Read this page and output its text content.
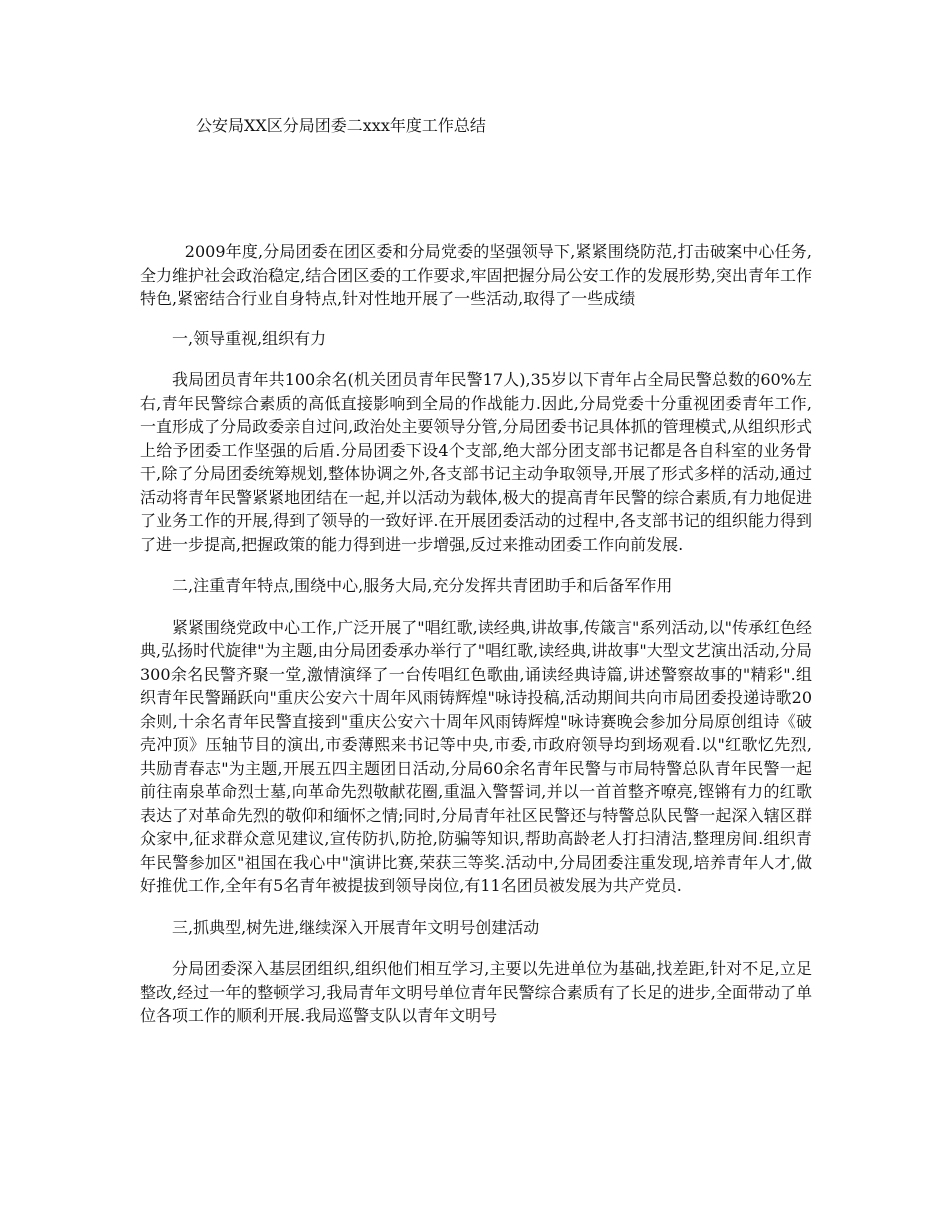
公安局XX区分局团委二xxx年度工作总结

2009年度,分局团委在团区委和分局党委的坚强领导下,紧紧围绕防范,打击破案中心任务,全力维护社会政治稳定,结合团区委的工作要求,牢固把握分局公安工作的发展形势,突出青年工作特色,紧密结合行业自身特点,针对性地开展了一些活动,取得了一些成绩

一,领导重视,组织有力

我局团员青年共100余名(机关团员青年民警17人),35岁以下青年占全局民警总数的60%左右,青年民警综合素质的高低直接影响到全局的作战能力.因此,分局党委十分重视团委青年工作,一直形成了分局政委亲自过问,政治处主要领导分管,分局团委书记具体抓的管理模式,从组织形式上给予团委工作坚强的后盾.分局团委下设4个支部,绝大部分团支部书记都是各自科室的业务骨干,除了分局团委统筹规划,整体协调之外,各支部书记主动争取领导,开展了形式多样的活动,通过活动将青年民警紧紧地团结在一起,并以活动为载体,极大的提高青年民警的综合素质,有力地促进了业务工作的开展,得到了领导的一致好评.在开展团委活动的过程中,各支部书记的组织能力得到了进一步提高,把握政策的能力得到进一步增强,反过来推动团委工作向前发展.

二,注重青年特点,围绕中心,服务大局,充分发挥共青团助手和后备军作用

紧紧围绕党政中心工作,广泛开展了"唱红歌,读经典,讲故事,传箴言"系列活动,以"传承红色经典,弘扬时代旋律"为主题,由分局团委承办举行了"唱红歌,读经典,讲故事"大型文艺演出活动,分局300余名民警齐聚一堂,激情演绎了一台传唱红色歌曲,诵读经典诗篇,讲述警察故事的"精彩".组织青年民警踊跃向"重庆公安六十周年风雨铸辉煌"咏诗投稿,活动期间共向市局团委投递诗歌20余则,十余名青年民警直接到"重庆公安六十周年风雨铸辉煌"咏诗赛晚会参加分局原创组诗《破壳冲顶》压轴节目的演出,市委薄熙来书记等中央,市委,市政府领导均到场观看.以"红歌忆先烈,共励青春志"为主题,开展五四主题团日活动,分局60余名青年民警与市局特警总队青年民警一起前往南泉革命烈士墓,向革命先烈敬献花圈,重温入警誓词,并以一首首整齐嘹亮,铿锵有力的红歌表达了对革命先烈的敬仰和缅怀之情;同时,分局青年社区民警还与特警总队民警一起深入辖区群众家中,征求群众意见建议,宣传防扒,防抢,防骗等知识,帮助高龄老人打扫清洁,整理房间.组织青年民警参加区"祖国在我心中"演讲比赛,荣获三等奖.活动中,分局团委注重发现,培养青年人才,做好推优工作,全年有5名青年被提拔到领导岗位,有11名团员被发展为共产党员.

三,抓典型,树先进,继续深入开展青年文明号创建活动

分局团委深入基层团组织,组织他们相互学习,主要以先进单位为基础,找差距,针对不足,立足整改,经过一年的整顿学习,我局青年文明号单位青年民警综合素质有了长足的进步,全面带动了单位各项工作的顺利开展.我局巡警支队以青年文明号
